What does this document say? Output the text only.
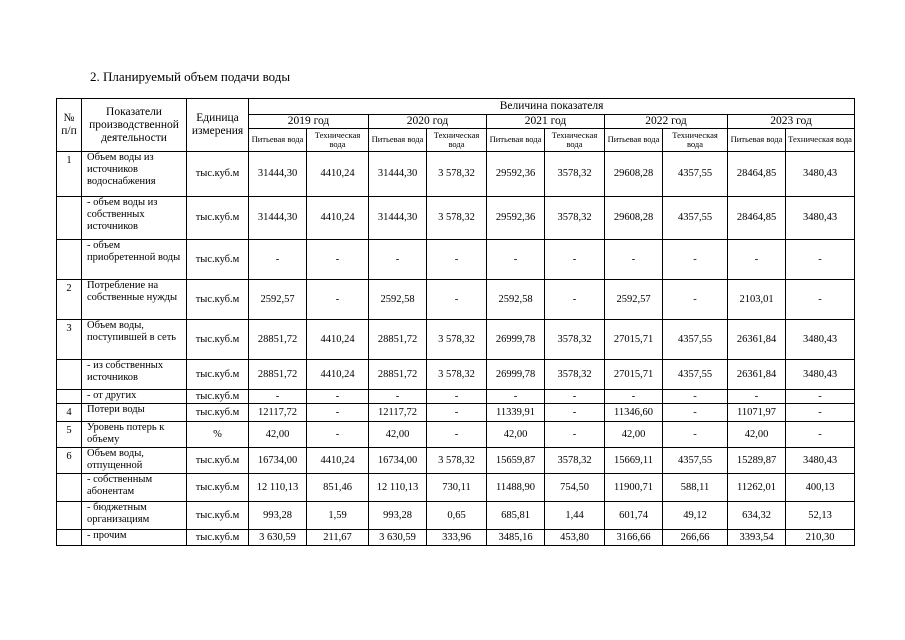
2. Планируемый объем подачи воды
№ п/п	Показатели производственной деятельности	Единица измерения	Величина показателя									
			2019 год		2020 год		2021 год		2022 год		2023 год	
			Питьевая вода	Техническая вода	Питьевая вода	Техническая вода	Питьевая вода	Техническая вода	Питьевая вода	Техническая вода	Питьевая вода	Техническая вода
1	Объем воды из источников водоснабжения	тыс.куб.м	31444,30	4410,24	31444,30	3 578,32	29592,36	3578,32	29608,28	4357,55	28464,85	3480,43
	- объем воды из собственных источников	тыс.куб.м	31444,30	4410,24	31444,30	3 578,32	29592,36	3578,32	29608,28	4357,55	28464,85	3480,43
	- объем приобретенной воды	тыс.куб.м	-	-	-	-	-	-	-	-	-	-
2	Потребление на собственные нужды	тыс.куб.м	2592,57	-	2592,58	-	2592,58	-	2592,57	-	2103,01	-
3	Объем воды, поступившей в сеть	тыс.куб.м	28851,72	4410,24	28851,72	3 578,32	26999,78	3578,32	27015,71	4357,55	26361,84	3480,43
	- из собственных источников	тыс.куб.м	28851,72	4410,24	28851,72	3 578,32	26999,78	3578,32	27015,71	4357,55	26361,84	3480,43
	- от других	тыс.куб.м	-	-	-	-	-	-	-	-	-	-
4	Потери воды	тыс.куб.м	12117,72	-	12117,72	-	11339,91	-	11346,60	-	11071,97	-
5	Уровень потерь к объему	%	42,00	-	42,00	-	42,00	-	42,00	-	42,00	-
6	Объем воды, отпущенной	тыс.куб.м	16734,00	4410,24	16734,00	3 578,32	15659,87	3578,32	15669,11	4357,55	15289,87	3480,43
	- собственным абонентам	тыс.куб.м	12 110,13	851,46	12 110,13	730,11	11488,90	754,50	11900,71	588,11	11262,01	400,13
	- бюджетным организациям	тыс.куб.м	993,28	1,59	993,28	0,65	685,81	1,44	601,74	49,12	634,32	52,13
	- прочим	тыс.куб.м	3 630,59	211,67	3 630,59	333,96	3485,16	453,80	3166,66	266,66	3393,54	210,30
